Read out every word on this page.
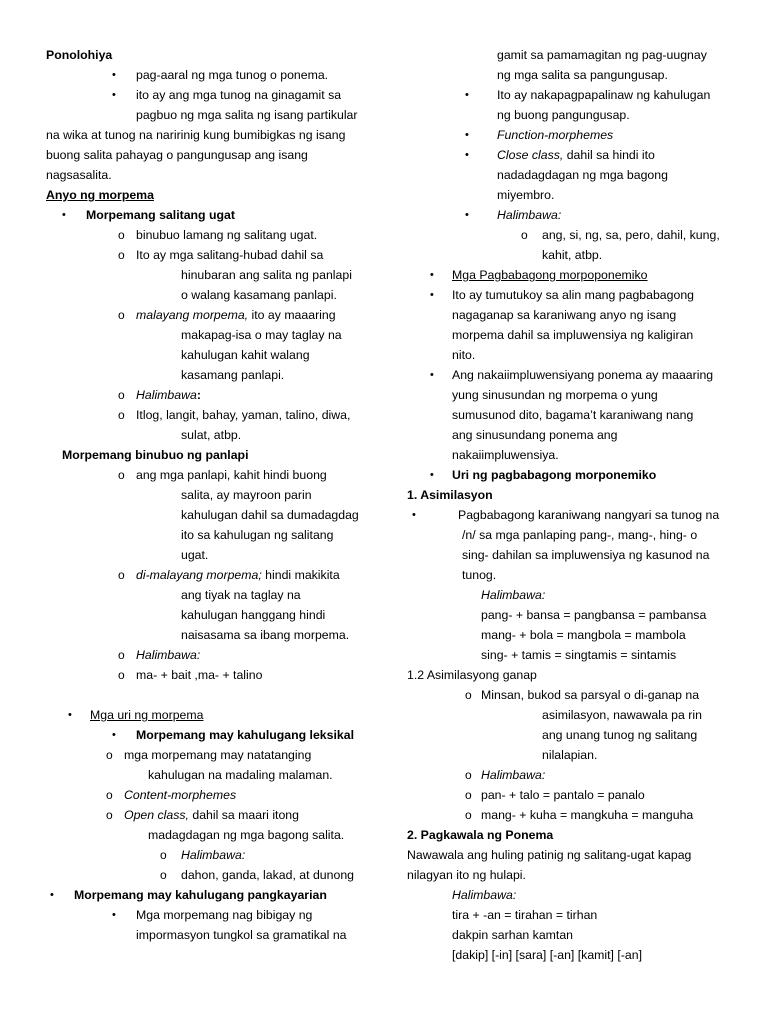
Ponolohiya
• pag-aaral ng mga tunog o ponema.
• ito ay ang mga tunog na ginagamit sa
pagbuo ng mga salita ng isang partikular
na wika at tunog na naririnig kung bumibigkas ng isang
buong salita pahayag o pangungusap ang isang
nagsasalita.
Anyo ng morpema
• Morpemang salitang ugat
o binubuo lamang ng salitang ugat.
o Ito ay mga salitang-hubad dahil sa
hinubaran ang salita ng panlapi
o walang kasamang panlapi.
o malayang morpema, ito ay maaaring
makapag-isa o may taglay na
kahulugan kahit walang
kasamang panlapi.
o Halimbawa:
o Itlog, langit, bahay, yaman, talino, diwa,
sulat, atbp.
Morpemang binubuo ng panlapi
o ang mga panlapi, kahit hindi buong
salita, ay mayroon parin
kahulugan dahil sa dumadagdag
ito sa kahulugan ng salitang
ugat.
o di-malayang morpema; hindi makikita
ang tiyak na taglay na
kahulugan hanggang hindi
naisasama sa ibang morpema.
o Halimbawa:
o ma- + bait ,ma- + talino
• Mga uri ng morpema
• Morpemang may kahulugang leksikal
o mga morpemang may natatanging
kahulugan na madaling malaman.
o Content-morphemes
o Open class, dahil sa maari itong
madagdagan ng mga bagong salita.
o Halimbawa:
o dahon, ganda, lakad, at dunong
• Morpemang may kahulugang pangkayarian
• Mga morpemang nag bibigay ng
impormasyon tungkol sa gramatikal na
gamit sa pamamagitan ng pag-uugnay
ng mga salita sa pangungusap.
• Ito ay nakapagpapalinaw ng kahulugan
ng buong pangungusap.
• Function-morphemes
• Close class, dahil sa hindi ito
nadadagdagan ng mga bagong
miyembro.
• Halimbawa:
o ang, si, ng, sa, pero, dahil, kung,
kahit, atbp.
• Mga Pagbabagong morpoponemiko
• Ito ay tumutukoy sa alin mang pagbabagong
nagaganap sa karaniwang anyo ng isang
morpema dahil sa impluwensiya ng kaligiran
nito.
• Ang nakaiimpluwensiyang ponema ay maaaring
yung sinusundan ng morpema o yung
sumusunod dito, bagama’t karaniwang nang
ang sinusundang ponema ang
nakaiimpluwensiya.
• Uri ng pagbabagong morponemiko
1. Asimilasyon
•	Pagbabagong karaniwang nangyari sa tunog na
/n/ sa mga panlaping pang-, mang-, hing- o
sing- dahilan sa impluwensiya ng kasunod na
tunog.
Halimbawa:
pang- + bansa = pangbansa = pambansa
mang- + bola = mangbola = mambola
sing- + tamis = singtamis = sintamis
1.2 Asimilasyong ganap
o Minsan, bukod sa parsyal o di-ganap na
asimilasyon, nawawala pa rin
ang unang tunog ng salitang
nilalapian.
o Halimbawa:
o pan- + talo = pantalo = panalo
o mang- + kuha = mangkuha = manguha
2. Pagkawala ng Ponema
Nawawala ang huling patinig ng salitang-ugat kapag
nilagyan ito ng hulapi.
Halimbawa:
tira + -an = tirahan = tirhan
dakpin sarhan kamtan
[dakip] [-in] [sara] [-an] [kamit] [-an]
